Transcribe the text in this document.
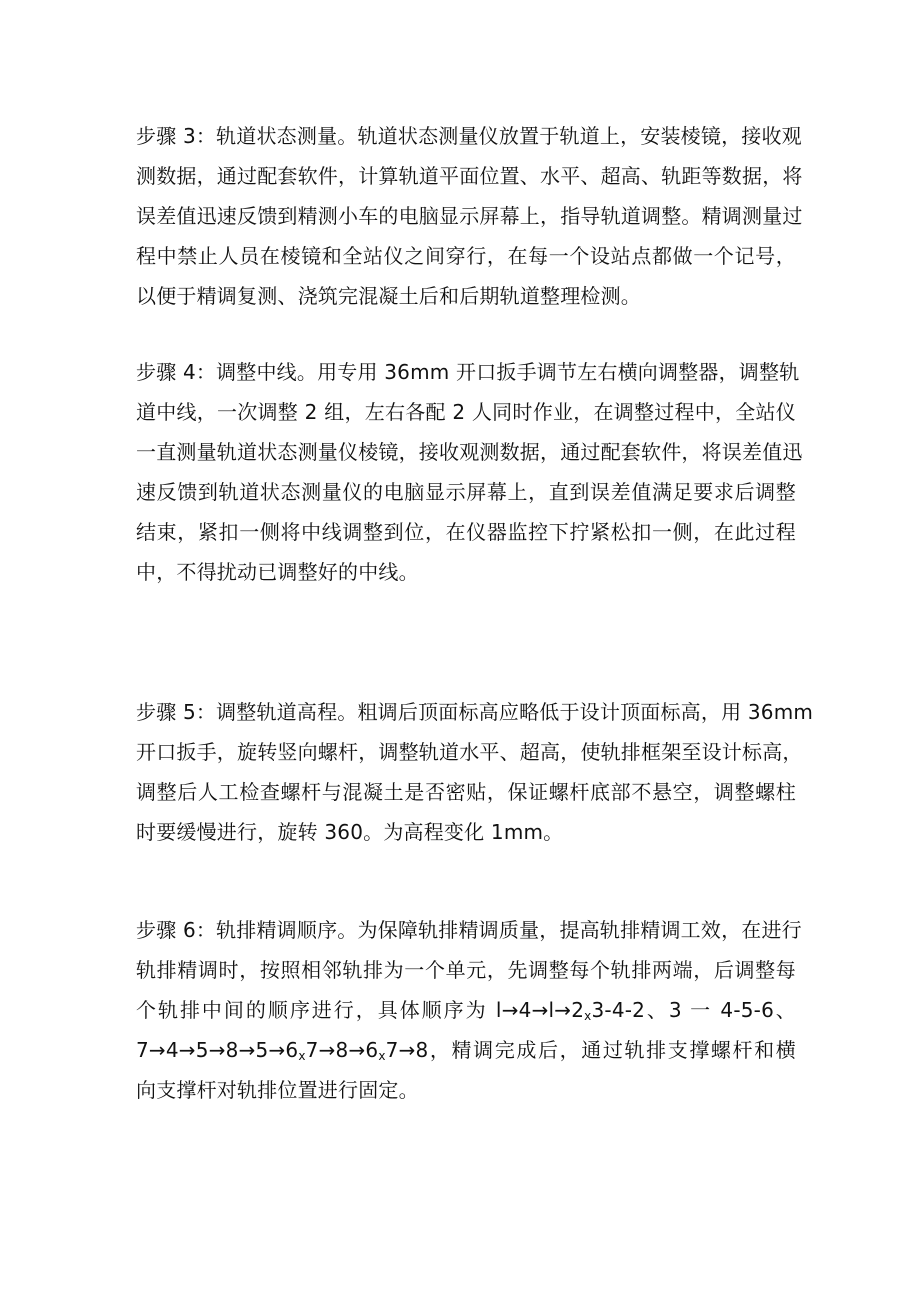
步骤 3：轨道状态测量。轨道状态测量仪放置于轨道上，安装棱镜，接收观
测数据，通过配套软件，计算轨道平面位置、水平、超高、轨距等数据，将
误差值迅速反馈到精测小车的电脑显示屏幕上，指导轨道调整。精调测量过
程中禁止人员在棱镜和全站仪之间穿行，在每一个设站点都做一个记号，
以便于精调复测、浇筑完混凝土后和后期轨道整理检测。
步骤 4：调整中线。用专用 36mm 开口扳手调节左右横向调整器，调整轨
道中线，一次调整 2 组，左右各配 2 人同时作业，在调整过程中，全站仪
一直测量轨道状态测量仪棱镜，接收观测数据，通过配套软件，将误差值迅
速反馈到轨道状态测量仪的电脑显示屏幕上，直到误差值满足要求后调整
结束，紧扣一侧将中线调整到位，在仪器监控下拧紧松扣一侧，在此过程
中，不得扰动已调整好的中线。
步骤 5：调整轨道高程。粗调后顶面标高应略低于设计顶面标高，用 36mm
开口扳手，旋转竖向螺杆，调整轨道水平、超高，使轨排框架至设计标高，
调整后人工检查螺杆与混凝土是否密贴，保证螺杆底部不悬空，调整螺柱
时要缓慢进行，旋转 360。为高程变化 1mm。
步骤 6：轨排精调顺序。为保障轨排精调质量，提高轨排精调工效，在进行
轨排精调时，按照相邻轨排为一个单元，先调整每个轨排两端，后调整每
个轨排中间的顺序进行，具体顺序为 $l\to 4\to l\to 2_x3-4-2$、3 一 4-5-6、
$7\to 4\to 5\to 8\to 5\to 6_x7\to 8\to 6_x7\to 8$，精调完成后，通过轨排支撑螺杆和横
向支撑杆对轨排位置进行固定。
